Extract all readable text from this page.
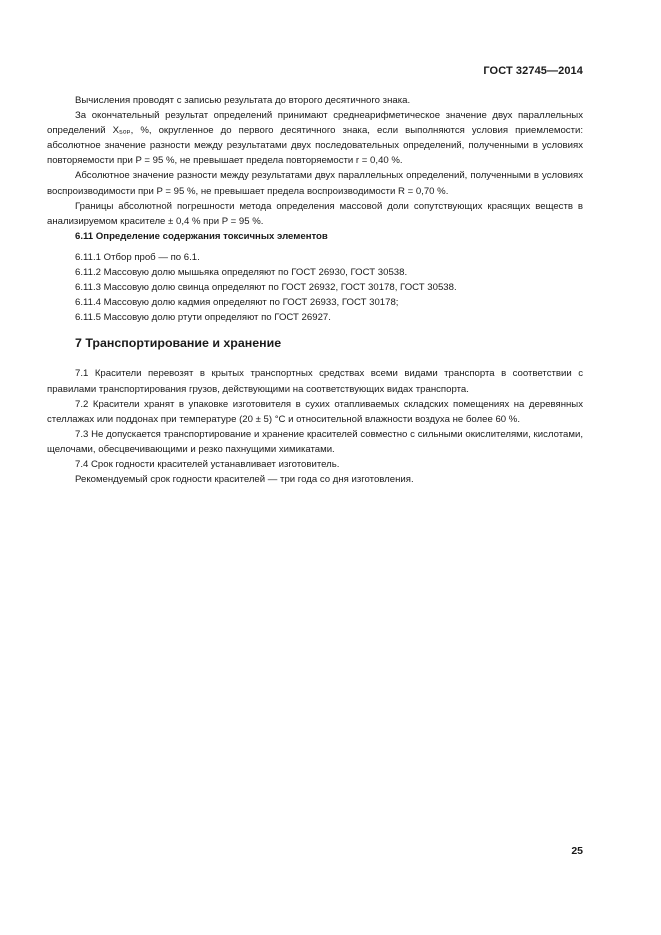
ГОСТ 32745—2014

Вычисления проводят с записью результата до второго десятичного знака.

За окончательный результат определений принимают среднеарифметическое значение двух параллельных определений X₅ₒₚ, %, округленное до первого десятичного знака, если выполняются условия приемлемости: абсолютное значение разности между результатами двух последовательных определений, полученными в условиях повторяемости при P = 95 %, не превышает предела повторяемости r = 0,40 %.

Абсолютное значение разности между результатами двух параллельных определений, полученными в условиях воспроизводимости при P = 95 %, не превышает предела воспроизводимости R = 0,70 %.

Границы абсолютной погрешности метода определения массовой доли сопутствующих красящих веществ в анализируемом красителе ± 0,4 % при P = 95 %.

6.11 Определение содержания токсичных элементов

6.11.1 Отбор проб — по 6.1.

6.11.2 Массовую долю мышьяка определяют по ГОСТ 26930, ГОСТ 30538.

6.11.3 Массовую долю свинца определяют по ГОСТ 26932, ГОСТ 30178, ГОСТ 30538.

6.11.4 Массовую долю кадмия определяют по ГОСТ 26933, ГОСТ 30178;

6.11.5 Массовую долю ртути определяют по ГОСТ 26927.

7 Транспортирование и хранение

7.1 Красители перевозят в крытых транспортных средствах всеми видами транспорта в соответствии с правилами транспортирования грузов, действующими на соответствующих видах транспорта.

7.2 Красители хранят в упаковке изготовителя в сухих отапливаемых складских помещениях на деревянных стеллажах или поддонах при температуре (20 ± 5) °С и относительной влажности воздуха не более 60 %.

7.3 Не допускается транспортирование и хранение красителей совместно с сильными окислителями, кислотами, щелочами, обесцвечивающими и резко пахнущими химикатами.

7.4 Срок годности красителей устанавливает изготовитель.

Рекомендуемый срок годности красителей — три года со дня изготовления.

25
